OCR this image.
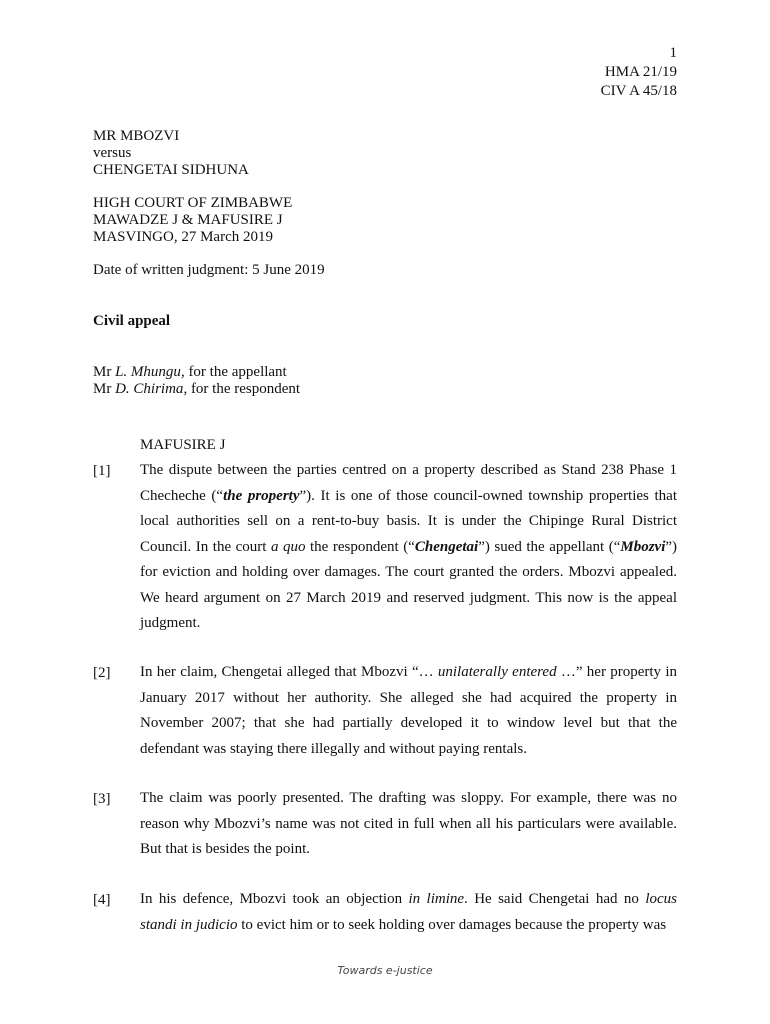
1
HMA 21/19
CIV A 45/18
MR MBOZVI
versus
CHENGETAI SIDHUNA
HIGH COURT OF ZIMBABWE
MAWADZE J & MAFUSIRE J
MASVINGO, 27 March 2019
Date of written judgment: 5 June 2019
Civil appeal
Mr L. Mhungu, for the appellant
Mr D. Chirima, for the respondent
MAFUSIRE J
[1] The dispute between the parties centred on a property described as Stand 238 Phase 1 Checheche (“the property”). It is one of those council-owned township properties that local authorities sell on a rent-to-buy basis. It is under the Chipinge Rural District Council. In the court a quo the respondent (“Chengetai”) sued the appellant (“Mbozvi”) for eviction and holding over damages. The court granted the orders. Mbozvi appealed. We heard argument on 27 March 2019 and reserved judgment. This now is the appeal judgment.
[2] In her claim, Chengetai alleged that Mbozvi “… unilaterally entered …” her property in January 2017 without her authority. She alleged she had acquired the property in November 2007; that she had partially developed it to window level but that the defendant was staying there illegally and without paying rentals.
[3] The claim was poorly presented. The drafting was sloppy. For example, there was no reason why Mbozvi’s name was not cited in full when all his particulars were available. But that is besides the point.
[4] In his defence, Mbozvi took an objection in limine. He said Chengetai had no locus standi in judicio to evict him or to seek holding over damages because the property was
Towards e-justice
